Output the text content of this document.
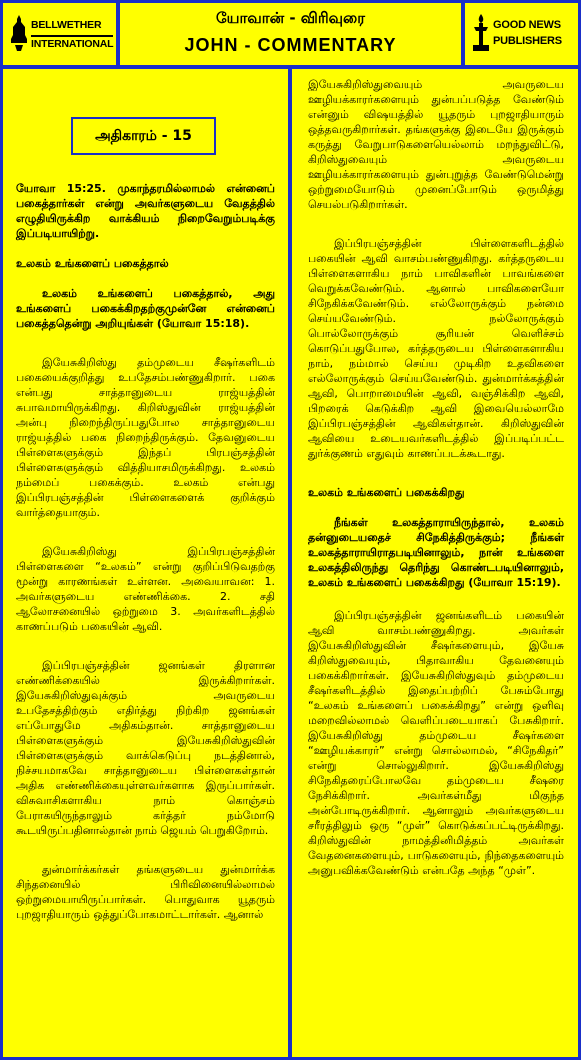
BELLWETHER
INTERNATIONAL
யோவான் - விரிவுரை
JOHN - COMMENTARY
GOOD NEWS
PUBLISHERS
அதிகாரம் - 15

யோவா 15:25. முகாந்தரமில்லாமல் என்னைப் பகைத்தார்கள் என்று அவர்களுடைய வேதத்தில் எழுதியிருக்கிற வாக்கியம் நிறைவேறும்படிக்கு இப்படியாயிற்று.

உலகம் உங்களைப் பகைத்தால்

உலகம் உங்களைப் பகைத்தால், அது உங்களைப் பகைக்கிறதற்குமுன்னே என்னைப் பகைத்ததென்று அறியுங்கள் (யோவா 15:18).

இயேசுகிறிஸ்து தம்முடைய சீஷர்களிடம் பகையைக்குறித்து உபதேசம்பண்ணுகிறார். பகை என்பது சாத்தானுடைய ராஜ்யத்தின் சுபாவமாயிருக்கிறது. கிறிஸ்துவின் ராஜ்யத்தின் அன்பு நிறைந்திருப்பதுபோல சாத்தானுடைய ராஜ்யத்தில் பகை நிறைந்திருக்கும். தேவனுடைய பிள்ளைகளுக்கும் இந்தப் பிரபஞ்சத்தின் பிள்ளைகளுக்கும் வித்தியாசமிருக்கிறது. உலகம் நம்மைப் பகைக்கும். உலகம் என்பது இப்பிரபஞ்சத்தின் பிள்ளைகளைக் குறிக்கும் வார்த்தையாகும்.

இயேசுகிறிஸ்து இப்பிரபஞ்சத்தின் பிள்ளைகளை “உலகம்” என்று குறிப்பிடுவதற்கு மூன்று காரணங்கள் உள்ளன. அவையாவன: 1. அவர்களுடைய எண்ணிக்கை. 2. சதி ஆலோசனையில் ஒற்றுமை 3. அவர்களிடத்தில் காணப்படும் பகையின் ஆவி.

இப்பிரபஞ்சத்தின் ஜனங்கள் திரளான எண்ணிக்கையில் இருக்கிறார்கள். இயேசுகிறிஸ்துவுக்கும் அவருடைய உபதேசத்திற்கும் எதிர்த்து நிற்கிற ஜனங்கள் எப்போதுமே அதிகம்தான். சாத்தானுடைய பிள்ளைகளுக்கும் இயேசுகிறிஸ்துவின் பிள்ளைகளுக்கும் வாக்கெடுப்பு நடத்தினால், நிச்சயமாகவே சாத்தானுடைய பிள்ளைகள்தான் அதிக எண்ணிக்கையுள்ளவர்களாக இருப்பார்கள். விசுவாசிகளாகிய நாம் கொஞ்சம் பேராகயிருந்தாலும் கர்த்தர் நம்மோடு கூடயிருப்பதினால்தான் நாம் ஜெயம் பெறுகிறோம்.

துன்மார்க்கர்கள் தங்களுடைய துன்மார்க்க சிந்தனையில் பிரிவினையில்லாமல் ஒற்றுமையாயிருப்பார்கள். பொதுவாக யூதரும் புறஜாதியாரும் ஒத்துப்போகமாட்டார்கள். ஆனால்

இயேசுகிறிஸ்துவையும் அவருடைய ஊழியக்காரர்களையும் துன்பப்படுத்த வேண்டும் என்னும் விஷயத்தில் யூதரும் புறஜாதியாரும் ஒத்தவருகிறார்கள். தங்களுக்கு இடையே இருக்கும் கருத்து வேறுபாடுகளையெல்லாம் மறந்துவிட்டு, கிறிஸ்துவையும் அவருடைய ஊழியக்காரர்களையும் துன்புறுத்த வேண்டுமென்று ஒற்றுமையோடும் முனைப்போடும் ஒருமித்து செயல்படுகிறார்கள்.

இப்பிரபஞ்சத்தின் பிள்ளைகளிடத்தில் பகையின் ஆவி வாசம்பண்ணுகிறது. கர்த்தருடைய பிள்ளைகளாகிய நாம் பாவிகளின் பாவங்களை வெறுக்கவேண்டும். ஆனால் பாவிகளையோ சிநேகிக்கவேண்டும். எல்லோருக்கும் நன்மை செய்யவேண்டும். நல்லோருக்கும் பொல்லோருக்கும் சூரியன் வெளிச்சம் கொடுப்பதுபோல, கர்த்தருடைய பிள்ளைகளாகிய நாம், நம்மால் செய்ய முடிகிற உதவிகளை எல்லோருக்கும் செய்யவேண்டும். துன்மார்க்கத்தின் ஆவி, பொறாமையின் ஆவி, வஞ்சிக்கிற ஆவி, பிறரைக் கெடுக்கிற ஆவி இவையெல்லாமே இப்பிரபஞ்சத்தின் ஆவிகள்தான். கிறிஸ்துவின் ஆவியை உடையவர்களிடத்தில் இப்படிப்பட்ட துர்க்குணம் எதுவும் காணப்படக்கூடாது.

உலகம் உங்களைப் பகைக்கிறது

நீங்கள் உலகத்தாராயிருந்தால், உலகம் தன்னுடையதைச் சிநேகித்திருக்கும்; நீங்கள் உலகத்தாராயிராதபடியினாலும், நான் உங்களை உலகத்திலிருந்து தெரிந்து கொண்டபடியினாலும், உலகம் உங்களைப் பகைக்கிறது (யோவா 15:19).

இப்பிரபஞ்சத்தின் ஜனங்களிடம் பகையின் ஆவி வாசம்பண்ணுகிறது. அவர்கள் இயேசுகிறிஸ்துவின் சீஷர்களையும், இயேசு கிறிஸ்துவையும், பிதாவாகிய தேவனையும் பகைக்கிறார்கள். இயேசுகிறிஸ்துவும் தம்முடைய சீஷர்களிடத்தில் இதைப்பற்றிப் பேசும்போது “உலகம் உங்களைப் பகைக்கிறது” என்று ஒளிவு மறைவில்லாமல் வெளிப்படையாகப் பேசுகிறார். இயேசுகிறிஸ்து தம்முடைய சீஷர்களை “ஊழியக்காரர்” என்று சொல்லாமல், “சிநேகிதர்” என்று சொல்லுகிறார். இயேசுகிறிஸ்து சிநேகிதரைப்போலவே தம்முடைய சீஷரை நேசிக்கிறார். அவர்கள்மீது மிகுந்த அன்போடிருக்கிறார். ஆனாலும் அவர்களுடைய சரீரத்திலும் ஒரு “முள்” கொடுக்கப்பட்டிருக்கிறது. கிறிஸ்துவின் நாமத்தினிமித்தம் அவர்கள் வேதனைகளையும், பாடுகளையும், நிந்தைகளையும் அனுபவிக்கவேண்டும் என்பதே அந்த “முள்”.
